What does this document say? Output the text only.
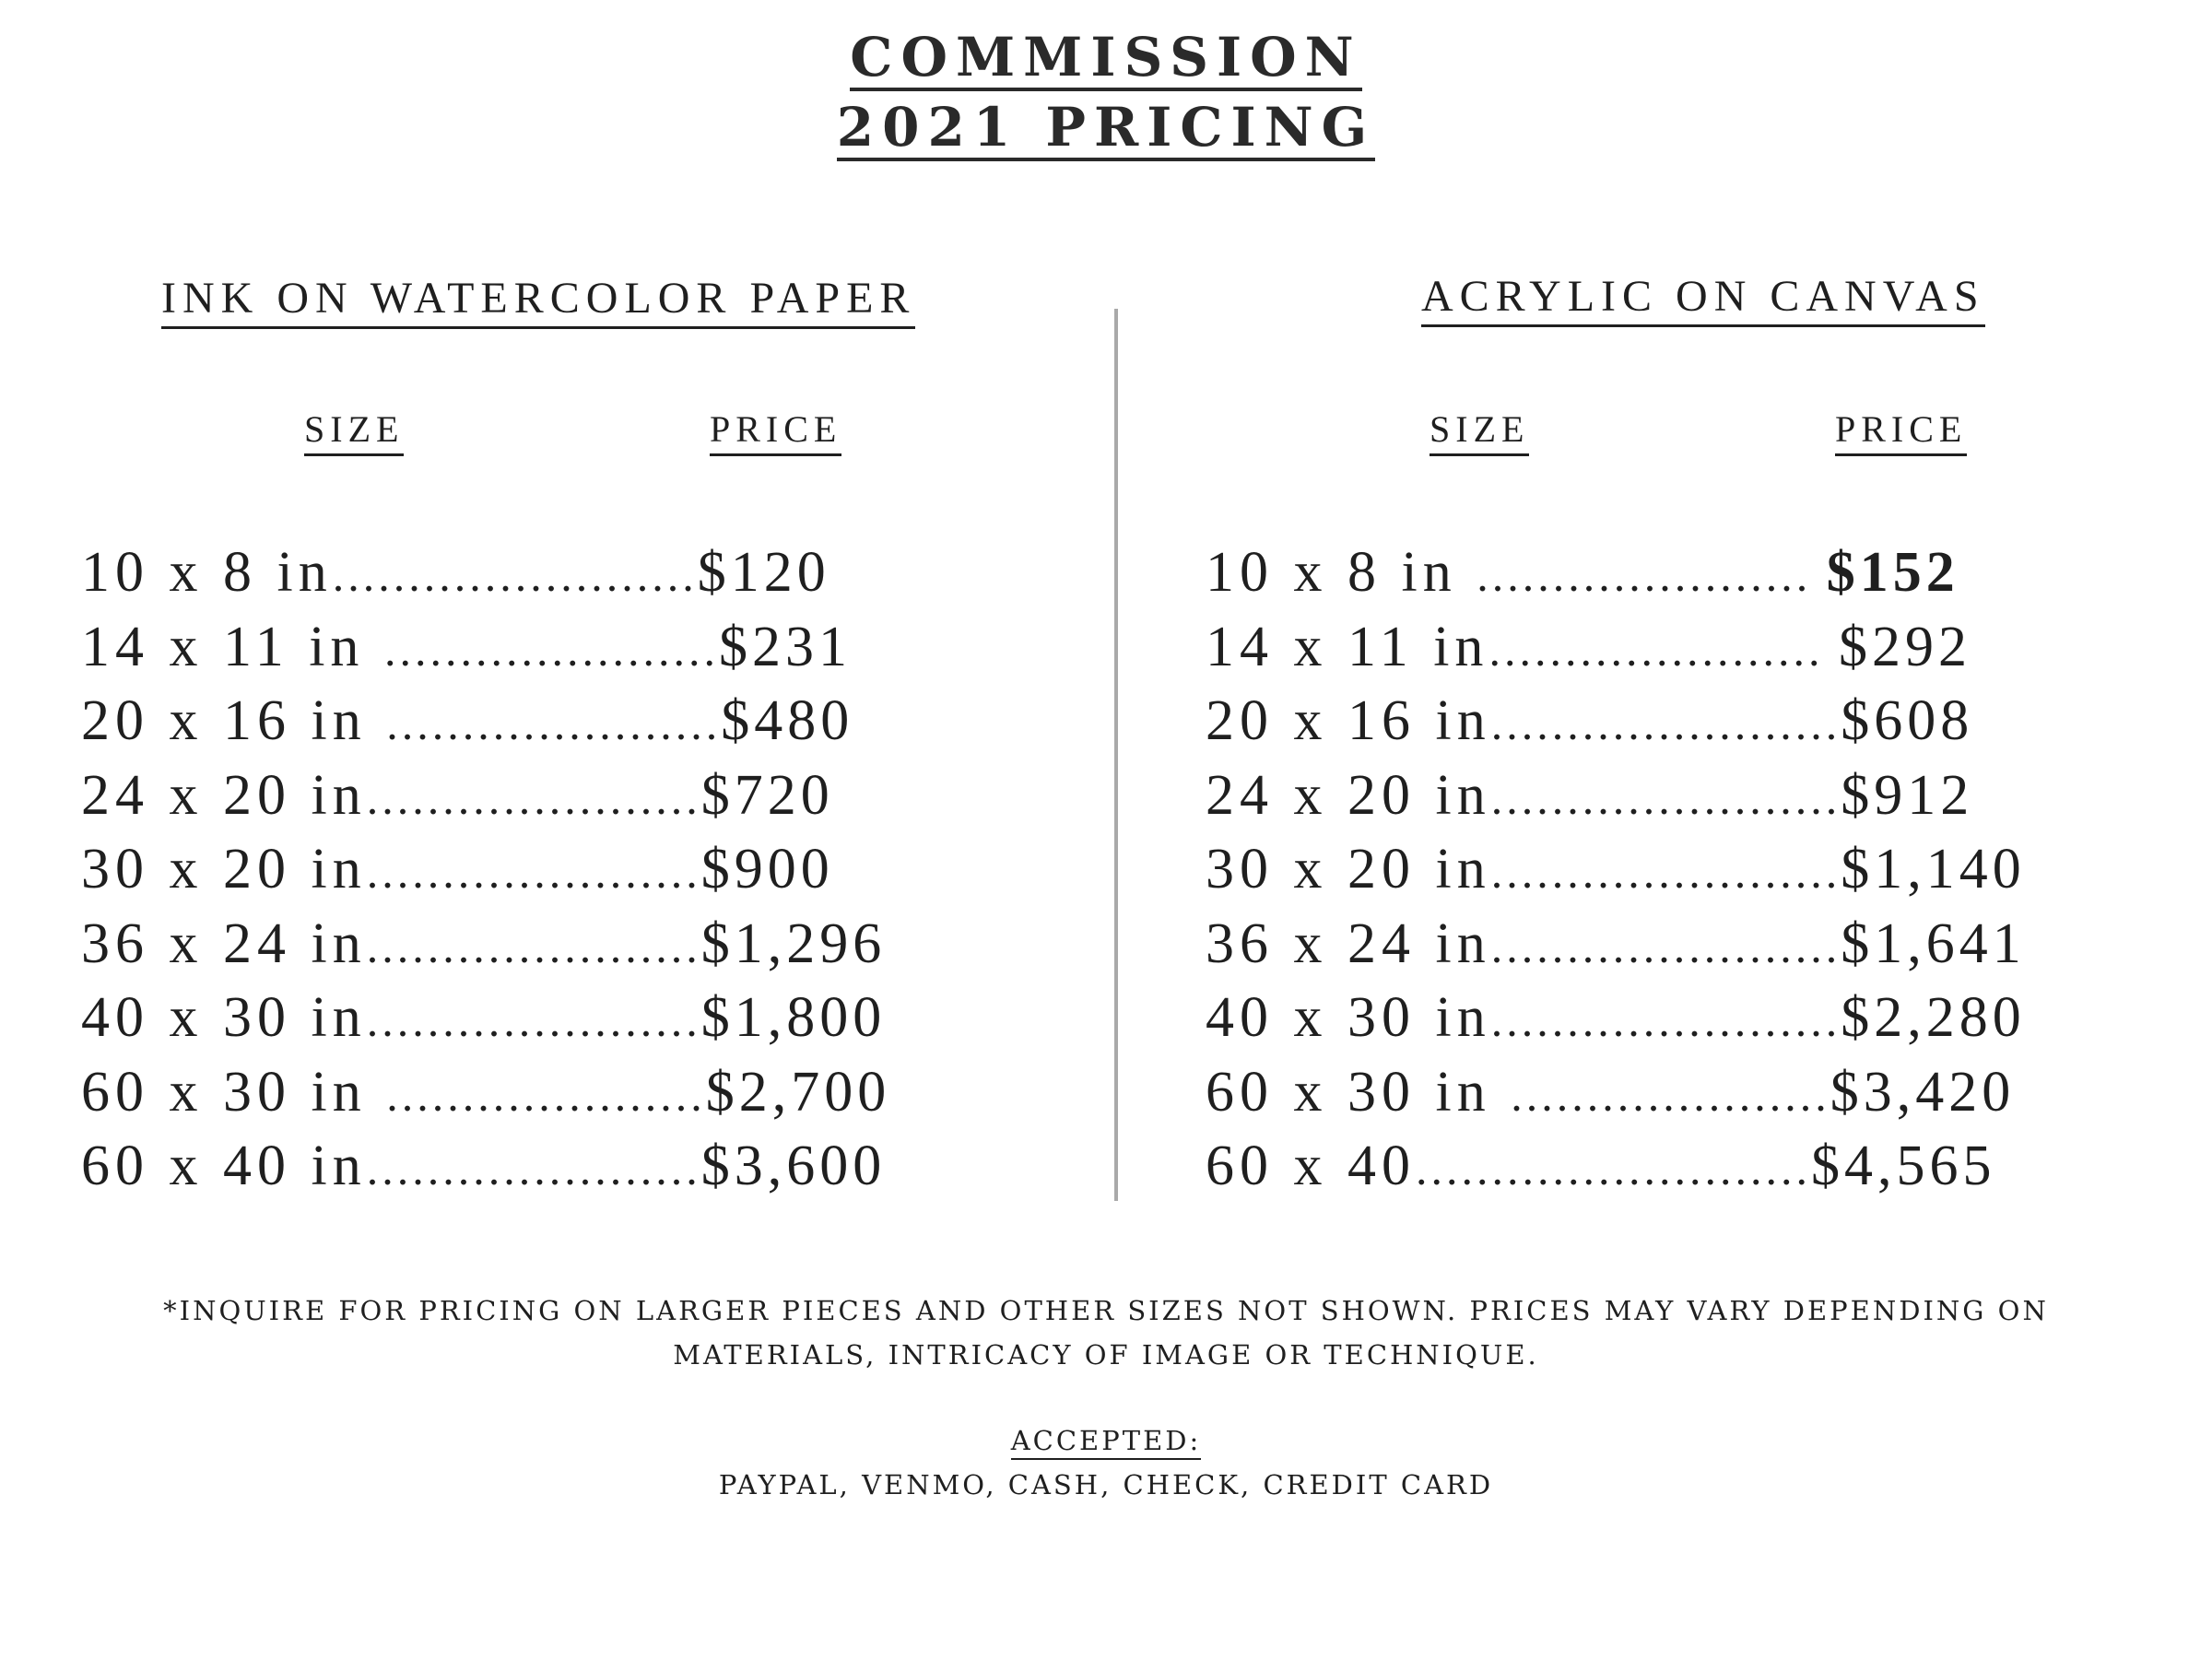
COMMISSION
2021 PRICING
INK ON WATERCOLOR PAPER	ACRYLIC ON CANVAS
SIZE	PRICE	SIZE	PRICE
10 x 8 in........................$120
14 x 11 in ......................$231
20 x 16 in ......................$480
24 x 20 in......................$720
30 x 20 in......................$900
36 x 24 in......................$1,296
40 x 30 in......................$1,800
60 x 30 in .....................$2,700
60 x 40 in......................$3,600
10 x 8 in ...................... $152
14 x 11 in...................... $292
20 x 16 in.......................$608
24 x 20 in.......................$912
30 x 20 in.......................$1,140
36 x 24 in.......................$1,641
40 x 30 in.......................$2,280
60 x 30 in .....................$3,420
60 x 40..........................$4,565
*INQUIRE FOR PRICING ON LARGER PIECES AND OTHER SIZES NOT SHOWN. PRICES MAY VARY DEPENDING ON
MATERIALS, INTRICACY OF IMAGE OR TECHNIQUE.
ACCEPTED:
PAYPAL, VENMO, CASH, CHECK, CREDIT CARD
